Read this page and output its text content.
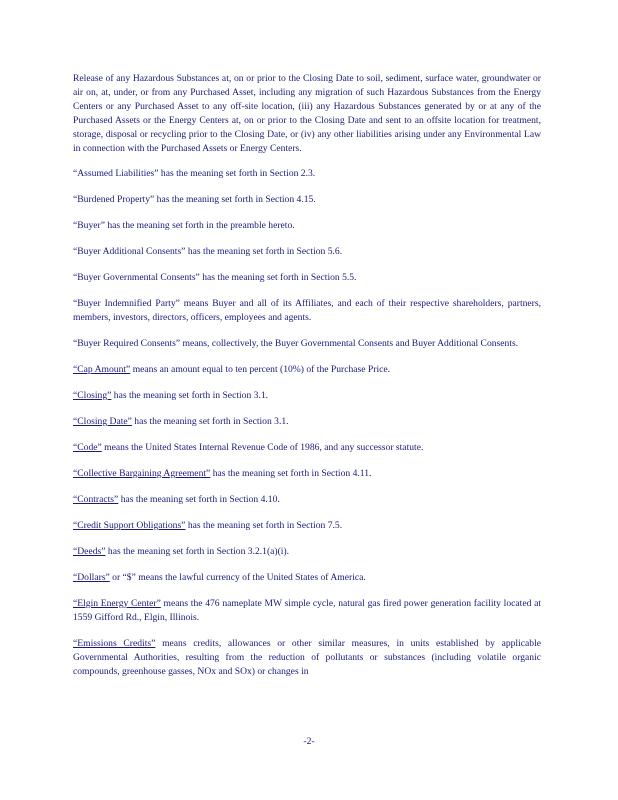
Release of any Hazardous Substances at, on or prior to the Closing Date to soil, sediment, surface water, groundwater or air on, at, under, or from any Purchased Asset, including any migration of such Hazardous Substances from the Energy Centers or any Purchased Asset to any off-site location, (iii) any Hazardous Substances generated by or at any of the Purchased Assets or the Energy Centers at, on or prior to the Closing Date and sent to an offsite location for treatment, storage, disposal or recycling prior to the Closing Date, or (iv) any other liabilities arising under any Environmental Law in connection with the Purchased Assets or Energy Centers.

“Assumed Liabilities” has the meaning set forth in Section 2.3.

“Burdened Property” has the meaning set forth in Section 4.15.

“Buyer” has the meaning set forth in the preamble hereto.

“Buyer Additional Consents” has the meaning set forth in Section 5.6.

“Buyer Governmental Consents” has the meaning set forth in Section 5.5.

“Buyer Indemnified Party” means Buyer and all of its Affiliates, and each of their respective shareholders, partners, members, investors, directors, officers, employees and agents.

“Buyer Required Consents” means, collectively, the Buyer Governmental Consents and Buyer Additional Consents.

“Cap Amount” means an amount equal to ten percent (10%) of the Purchase Price.

“Closing” has the meaning set forth in Section 3.1.

“Closing Date” has the meaning set forth in Section 3.1.

“Code” means the United States Internal Revenue Code of 1986, and any successor statute.

“Collective Bargaining Agreement” has the meaning set forth in Section 4.11.

“Contracts” has the meaning set forth in Section 4.10.

“Credit Support Obligations” has the meaning set forth in Section 7.5.

“Deeds” has the meaning set forth in Section 3.2.1(a)(i).

“Dollars” or “$” means the lawful currency of the United States of America.

“Elgin Energy Center” means the 476 nameplate MW simple cycle, natural gas fired power generation facility located at 1559 Gifford Rd., Elgin, Illinois.

“Emissions Credits” means credits, allowances or other similar measures, in units established by applicable Governmental Authorities, resulting from the reduction of pollutants or substances (including volatile organic compounds, greenhouse gasses, NOx and SOx) or changes in

-2-
